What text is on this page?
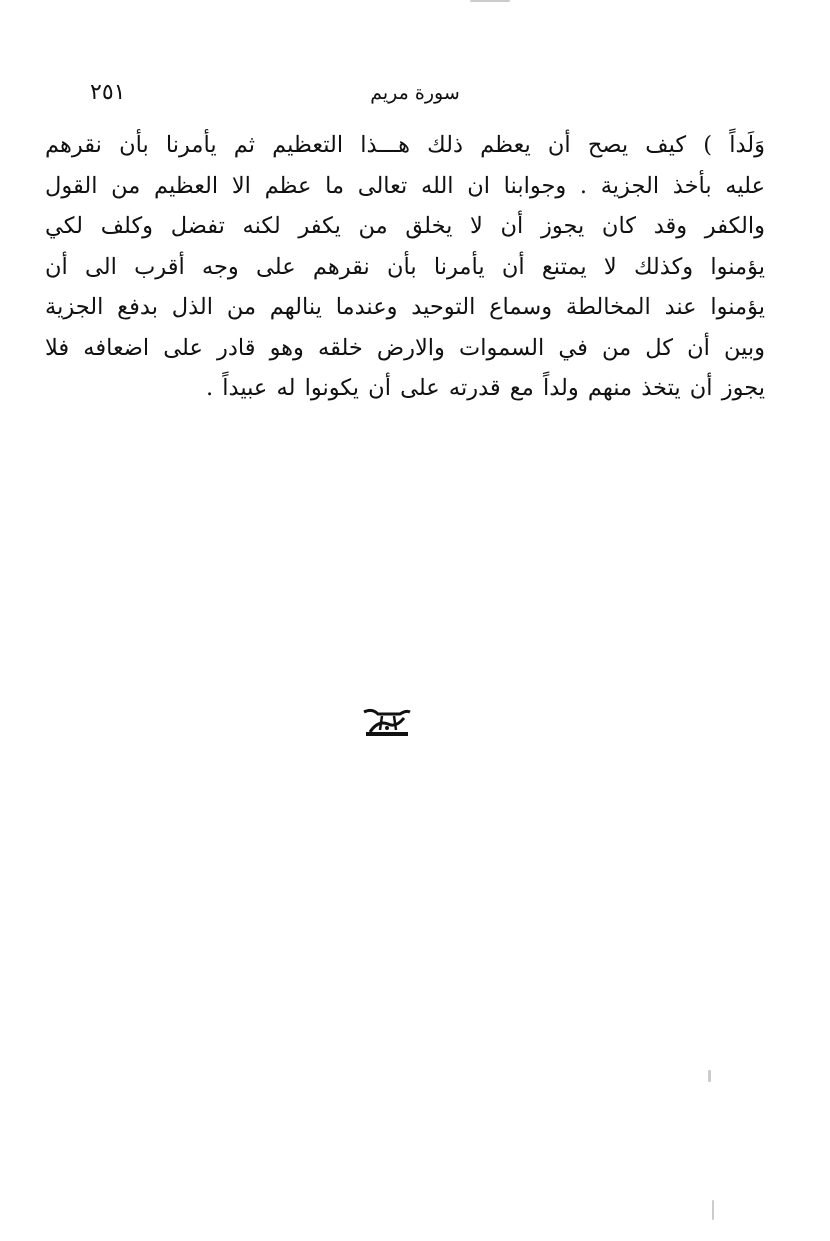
٢٥١	سورة مريم
وَلَداً ) كيف يصح أن يعظم ذلك هـــذا التعظيم ثم يأمرنا بأن نقرهم
عليه بأخذ الجزية . وجوابنا ان الله تعالى ما عظم الا العظيم من القول
والكفر وقد كان يجوز أن لا يخلق من يكفر لكنه تفضل وكلف لكي
يؤمنوا وكذلك لا يمتنع أن يأمرنا بأن نقرهم على وجه أقرب الى أن
يؤمنوا عند المخالطة وسماع التوحيد وعندما ينالهم من الذل بدفع الجزية
وبين أن كل من في السموات والارض خلقه وهو قادر على اضعافه فلا
يجوز أن يتخذ منهم ولداً مع قدرته على أن يكونوا له عبيداً .
